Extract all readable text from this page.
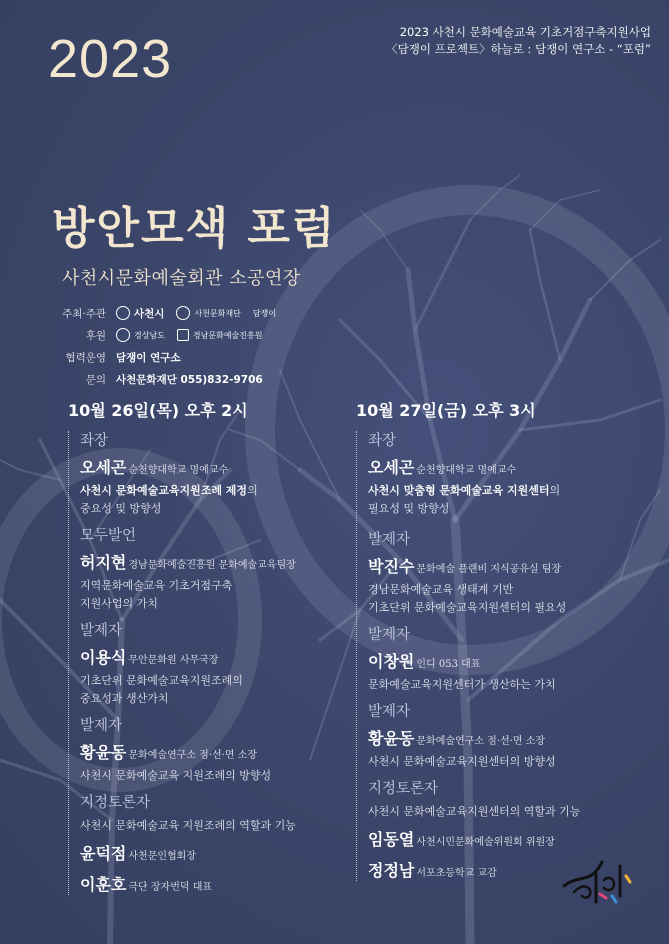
2023	2023 사천시 문화예술교육 기초거점구축지원사업
〈담쟁이 프로젝트〉하늘로 : 담쟁이 연구소 - “포럼”
방안모색 포럼
사천시문화예술회관 소공연장
주최·주관	사천시	사천문화재단 담쟁이
후원	경상남도	경남문화예술진흥원
협력운영 담쟁이 연구소
문의 사천문화재단 055)832-9706
10월 26일(목) 오후 2시
좌장
오세곤 순천향대학교 명예교수
사천시 문화예술교육지원조례 제정의
중요성 및 방향성
모두발언
허지현 경남문화예술진흥원 문화예술교육팀장
지역문화예술교육 기초거점구축
지원사업의 가치
발제자
이용식 무안문화원 사무국장
기초단위 문화예술교육지원조례의
중요성과 생산가치
발제자
황윤동 문화예술연구소 점·선·면 소장
사천시 문화예술교육 지원조례의 방향성
지정토론자
사천시 문화예술교육 지원조례의 역할과 기능
윤덕점 사천문인협회장
이훈호 극단 장자번덕 대표
10월 27일(금) 오후 3시
좌장
오세곤 순천향대학교 명예교수
사천시 맞춤형 문화예술교육 지원센터의
필요성 및 방향성
발제자
박진수 문화예술 플랜비 지식공유실 팀장
경남문화예술교육 생태계 기반
기초단위 문화예술교육지원센터의 필요성
발제자
이창원 인디 053 대표
문화예술교육지원센터가 생산하는 가치
발제자
황윤동 문화예술연구소 점·선·면 소장
사천시 문화예술교육지원센터의 방향성
지정토론자
사천시 문화예술교육지원센터의 역할과 기능
임동열 사천시민문화예술위원회 위원장
정정남 서포초등학교 교감
